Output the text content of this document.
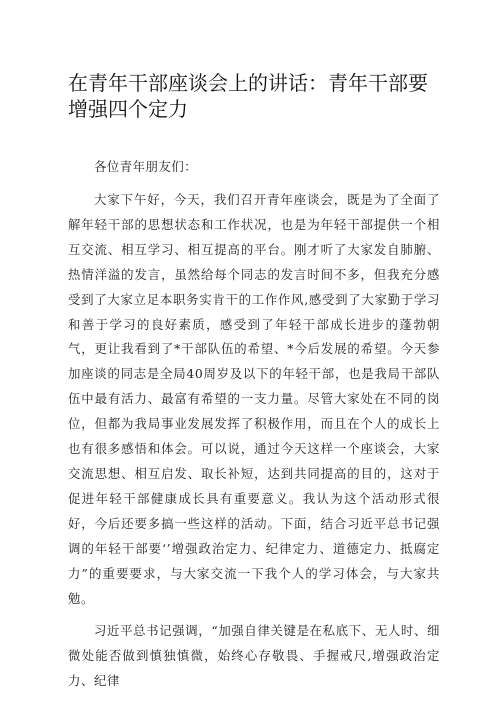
在青年干部座谈会上的讲话：青年干部要增强四个定力

各位青年朋友们：

大家下午好，今天，我们召开青年座谈会，既是为了全面了解年轻干部的思想状态和工作状况，也是为年轻干部提供一个相互交流、相互学习、相互提高的平台。刚才听了大家发自肺腑、热情洋溢的发言，虽然给每个同志的发言时间不多，但我充分感受到了大家立足本职务实肯干的工作作风,感受到了大家勤于学习和善于学习的良好素质，感受到了年轻干部成长进步的蓬勃朝气，更让我看到了*干部队伍的希望、*今后发展的希望。今天参加座谈的同志是全局40周岁及以下的年轻干部，也是我局干部队伍中最有活力、最富有希望的一支力量。尽管大家处在不同的岗位，但都为我局事业发展发挥了积极作用，而且在个人的成长上也有很多感悟和体会。可以说，通过今天这样一个座谈会，大家交流思想、相互启发、取长补短，达到共同提高的目的，这对于促进年轻干部健康成长具有重要意义。我认为这个活动形式很好，今后还要多搞一些这样的活动。下面，结合习近平总书记强调的年轻干部要‘’增强政治定力、纪律定力、道德定力、抵腐定力”的重要要求，与大家交流一下我个人的学习体会，与大家共勉。

习近平总书记强调，“加强自律关键是在私底下、无人时、细微处能否做到慎独慎微，始终心存敬畏、手握戒尺,增强政治定力、纪律
